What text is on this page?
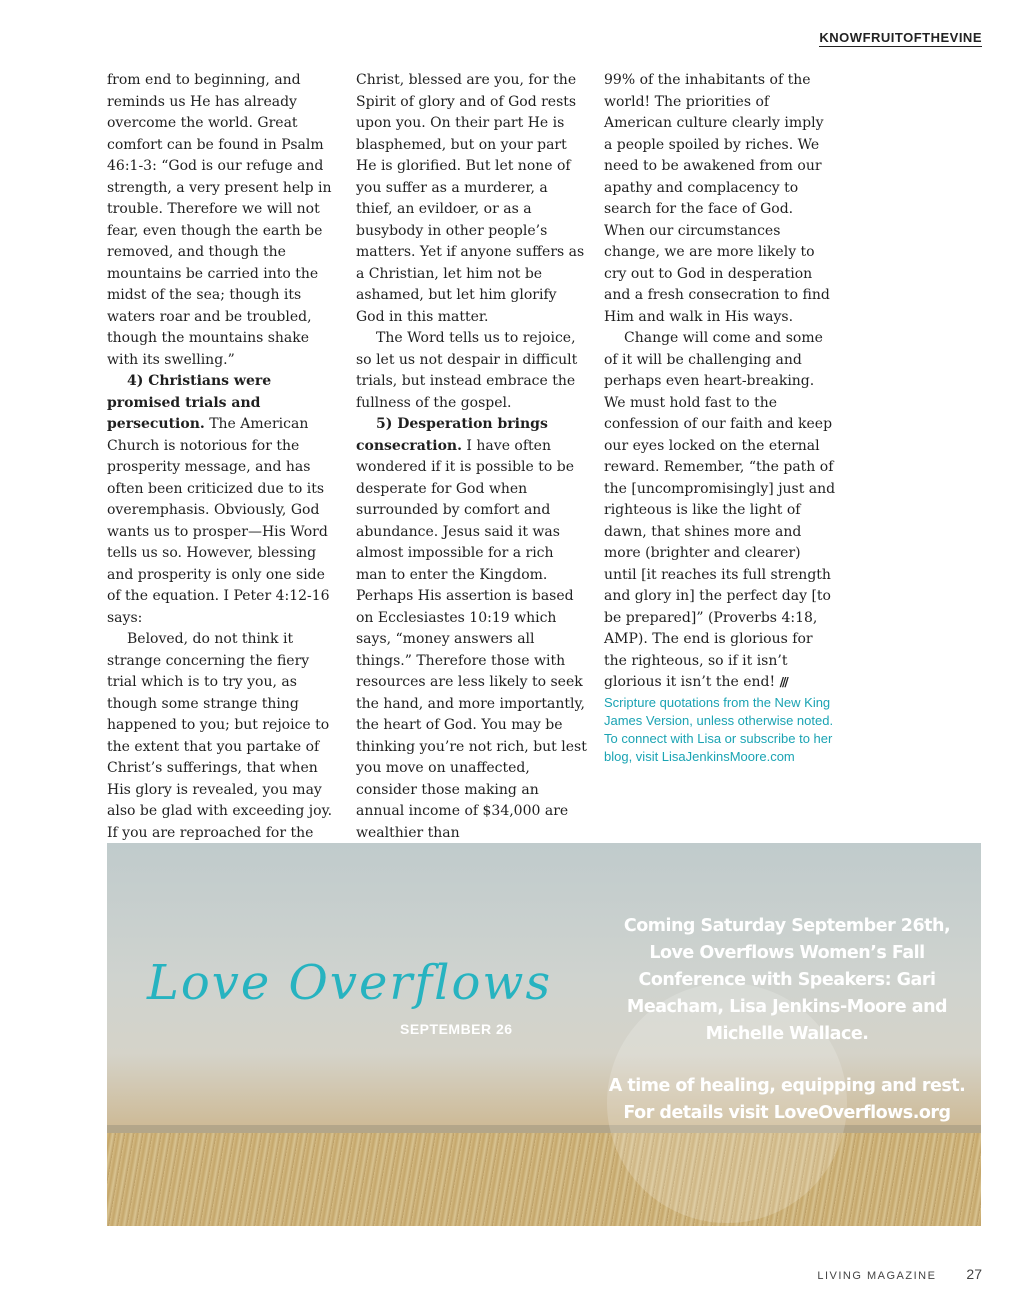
KNOWFRUITOFTHEVINE

from end to beginning, and reminds us He has already overcome the world. Great comfort can be found in Psalm 46:1-3: “God is our refuge and strength, a very present help in trouble. Therefore we will not fear, even though the earth be removed, and though the mountains be carried into the midst of the sea; though its waters roar and be troubled, though the mountains shake with its swelling.”

4) Christians were promised trials and persecution. The American Church is notorious for the prosperity message, and has often been criticized due to its overemphasis. Obviously, God wants us to prosper—His Word tells us so. However, blessing and prosperity is only one side of the equation. I Peter 4:12-16 says:

Beloved, do not think it strange concerning the fiery trial which is to try you, as though some strange thing happened to you; but rejoice to the extent that you partake of Christ’s sufferings, that when His glory is revealed, you may also be glad with exceeding joy. If you are reproached for the

Christ, blessed are you, for the Spirit of glory and of God rests upon you. On their part He is blasphemed, but on your part He is glorified. But let none of you suffer as a murderer, a thief, an evildoer, or as a busybody in other people’s matters. Yet if anyone suffers as a Christian, let him not be ashamed, but let him glorify God in this matter.

The Word tells us to rejoice, so let us not despair in difficult trials, but instead embrace the fullness of the gospel.

5) Desperation brings consecration. I have often wondered if it is possible to be desperate for God when surrounded by comfort and abundance. Jesus said it was almost impossible for a rich man to enter the Kingdom. Perhaps His assertion is based on Ecclesiastes 10:19 which says, “money answers all things.” Therefore those with resources are less likely to seek the hand, and more importantly, the heart of God. You may be thinking you’re not rich, but lest you move on unaffected, consider those making an annual income of $34,000 are wealthier than

99% of the inhabitants of the world! The priorities of American culture clearly imply a people spoiled by riches. We need to be awakened from our apathy and complacency to search for the face of God. When our circumstances change, we are more likely to cry out to God in desperation and a fresh consecration to find Him and walk in His ways.

Change will come and some of it will be challenging and perhaps even heart-breaking. We must hold fast to the confession of our faith and keep our eyes locked on the eternal reward. Remember, “the path of the [uncompromisingly] just and righteous is like the light of dawn, that shines more and more (brighter and clearer) until [it reaches its full strength and glory in] the perfect day [to be prepared]” (Proverbs 4:18, AMP). The end is glorious for the righteous, so if it isn’t glorious it isn’t the end! ///

Scripture quotations from the New King James Version, unless otherwise noted.

To connect with Lisa or subscribe to her blog, visit LisaJenkinsMoore.com

Love Overflows
SEPTEMBER 26

Coming Saturday September 26th, Love Overflows Women’s Fall Conference with Speakers: Gari Meacham, Lisa Jenkins-Moore and Michelle Wallace.

A time of healing, equipping and rest. For details visit LoveOverflows.org

LIVING MAGAZINE 27
